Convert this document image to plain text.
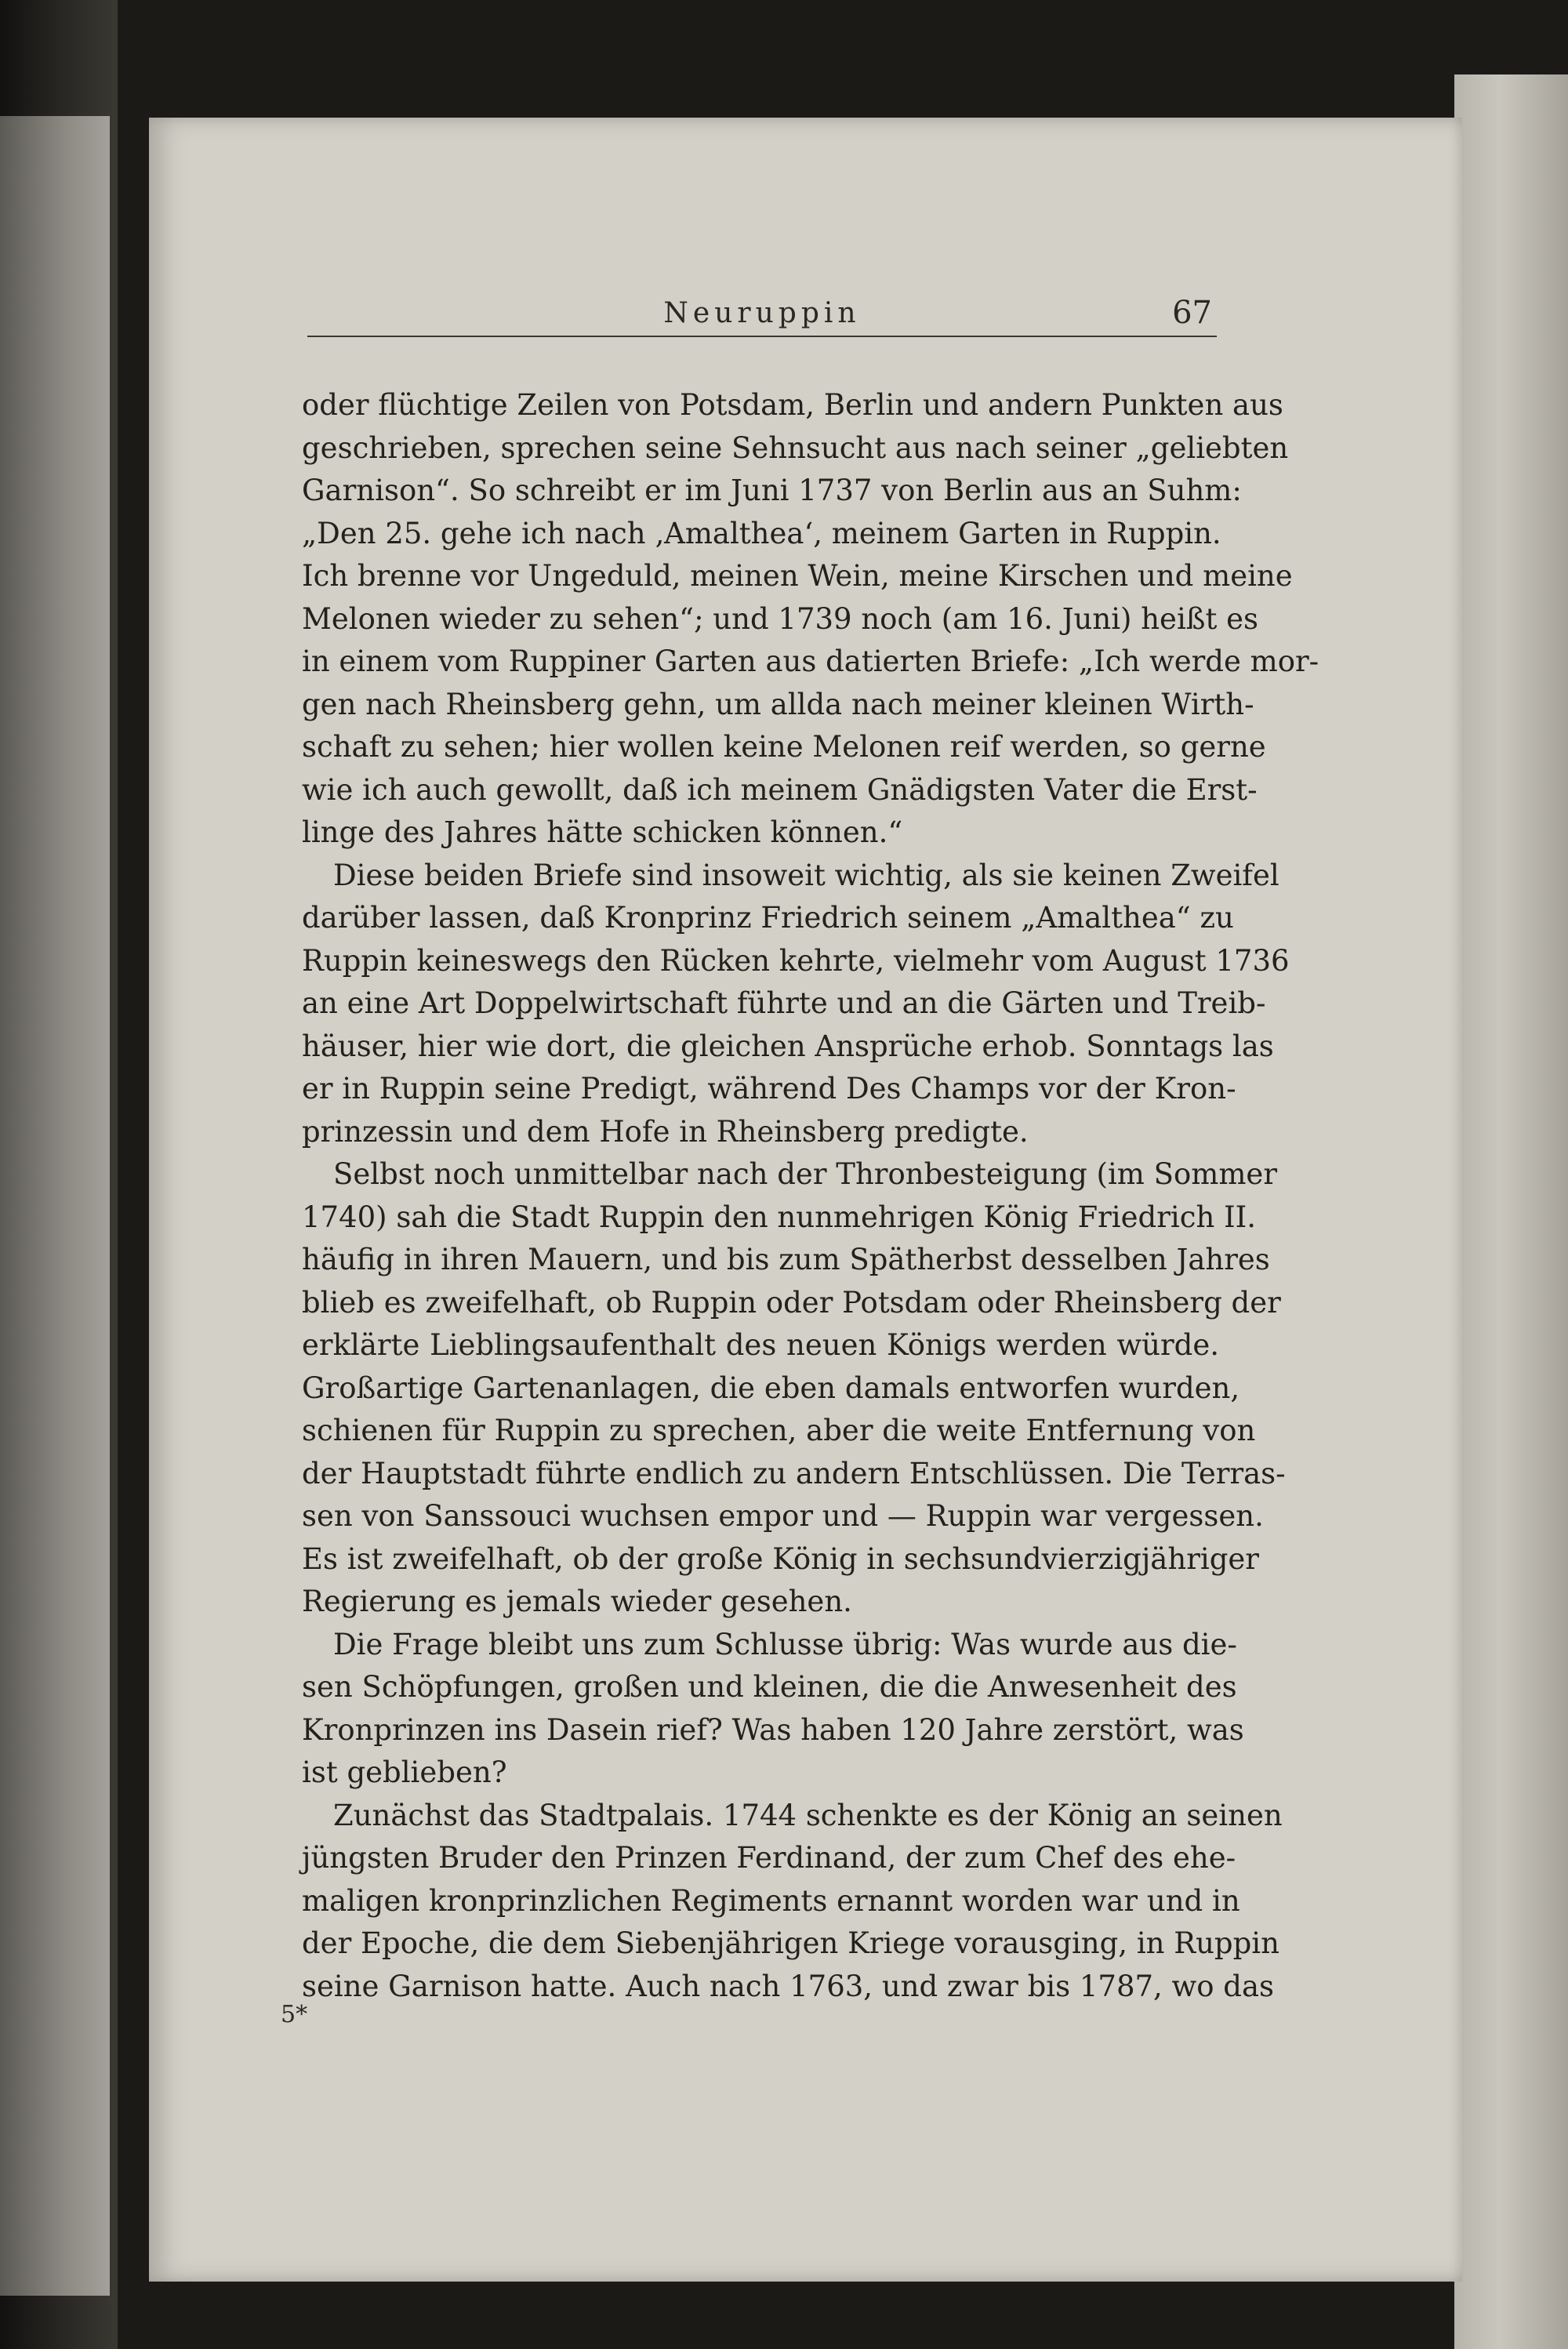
Neuruppin	67
oder flüchtige Zeilen von Potsdam, Berlin und andern Punkten aus
geschrieben, sprechen seine Sehnsucht aus nach seiner „geliebten
Garnison“. So schreibt er im Juni 1737 von Berlin aus an Suhm:
„Den 25. gehe ich nach ‚Amalthea‘, meinem Garten in Ruppin.
Ich brenne vor Ungeduld, meinen Wein, meine Kirschen und meine
Melonen wieder zu sehen“; und 1739 noch (am 16. Juni) heißt es
in einem vom Ruppiner Garten aus datierten Briefe: „Ich werde mor-
gen nach Rheinsberg gehn, um allda nach meiner kleinen Wirth-
schaft zu sehen; hier wollen keine Melonen reif werden, so gerne
wie ich auch gewollt, daß ich meinem Gnädigsten Vater die Erst-
linge des Jahres hätte schicken können.“
Diese beiden Briefe sind insoweit wichtig, als sie keinen Zweifel
darüber lassen, daß Kronprinz Friedrich seinem „Amalthea“ zu
Ruppin keineswegs den Rücken kehrte, vielmehr vom August 1736
an eine Art Doppelwirtschaft führte und an die Gärten und Treib-
häuser, hier wie dort, die gleichen Ansprüche erhob. Sonntags las
er in Ruppin seine Predigt, während Des Champs vor der Kron-
prinzessin und dem Hofe in Rheinsberg predigte.
Selbst noch unmittelbar nach der Thronbesteigung (im Sommer
1740) sah die Stadt Ruppin den nunmehrigen König Friedrich II.
häufig in ihren Mauern, und bis zum Spätherbst desselben Jahres
blieb es zweifelhaft, ob Ruppin oder Potsdam oder Rheinsberg der
erklärte Lieblingsaufenthalt des neuen Königs werden würde.
Großartige Gartenanlagen, die eben damals entworfen wurden,
schienen für Ruppin zu sprechen, aber die weite Entfernung von
der Hauptstadt führte endlich zu andern Entschlüssen. Die Terras-
sen von Sanssouci wuchsen empor und — Ruppin war vergessen.
Es ist zweifelhaft, ob der große König in sechsundvierzigjähriger
Regierung es jemals wieder gesehen.
Die Frage bleibt uns zum Schlusse übrig: Was wurde aus die-
sen Schöpfungen, großen und kleinen, die die Anwesenheit des
Kronprinzen ins Dasein rief? Was haben 120 Jahre zerstört, was
ist geblieben?
Zunächst das Stadtpalais. 1744 schenkte es der König an seinen
jüngsten Bruder den Prinzen Ferdinand, der zum Chef des ehe-
maligen kronprinzlichen Regiments ernannt worden war und in
der Epoche, die dem Siebenjährigen Kriege vorausging, in Ruppin
seine Garnison hatte. Auch nach 1763, und zwar bis 1787, wo das
5*
